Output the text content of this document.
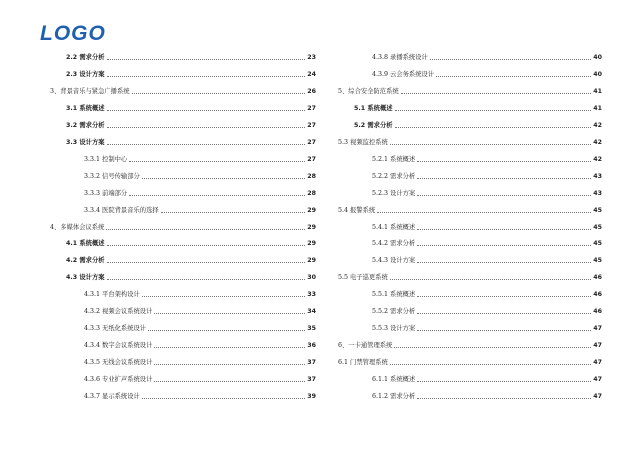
LOGO
2.2 需求分析	23
2.3 设计方案	24
3、背景音乐与紧急广播系统	26
3.1 系统概述	27
3.2 需求分析	27
3.3 设计方案	27
3.3.1 控制中心	27
3.3.2 信号传输部分	28
3.3.3 前端部分	28
3.3.4 医院背景音乐的选择	29
4、多媒体会议系统	29
4.1 系统概述	29
4.2 需求分析	29
4.3 设计方案	30
4.3.1 平台架构设计	33
4.3.2 视频会议系统设计	34
4.3.3 无纸化系统设计	35
4.3.4 数字会议系统设计	36
4.3.5 无线会议系统设计	37
4.3.6 专业扩声系统设计	37
4.3.7 显示系统设计	39
4.3.8 录播系统设计	40
4.3.9 云会务系统设计	40
5、综合安全防范系统	41
5.1 系统概述	41
5.2 需求分析	42
5.3 视频监控系统	42
5.2.1 系统概述	42
5.2.2 需求分析	43
5.2.3 设计方案	43
5.4 报警系统	45
5.4.1 系统概述	45
5.4.2 需求分析	45
5.4.3 设计方案	45
5.5 电子巡更系统	46
5.5.1 系统概述	46
5.5.2 需求分析	46
5.5.3 设计方案	47
6、一卡通管理系统	47
6.1 门禁管理系统	47
6.1.1 系统概述	47
6.1.2 需求分析	47
